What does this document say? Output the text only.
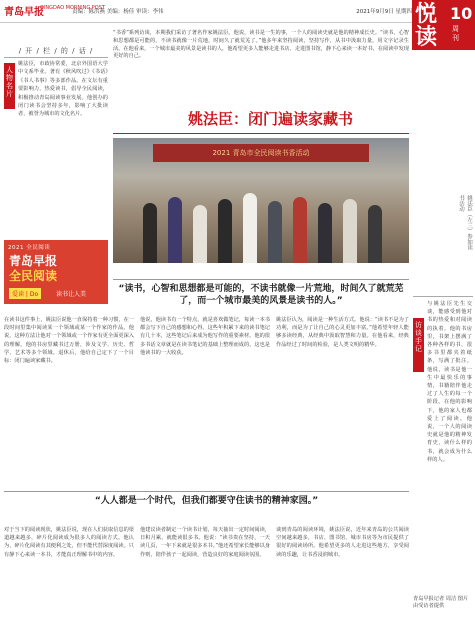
青岛早报
QINGDAO MORNING POST
责编：陈洪燕 美编：杨佳 审读：李伟	2021年9月9日 星期四 悦
读
10
周刊
/ 开 / 栏 / 的 / 话 /
人物名片
姚法臣，市政协常委，北京外国语大学中文系毕业。著有《秋风吹过》《书话》《书人书事》等多部作品。在文坛有重要影响力，热爱读书，倡导全民阅读，积极推动青岛阅读事业发展。他创办的闭门读书会坚持多年，影响了大批读者，被誉为城市的文化名片。
2021 全民阅读
青岛早报
全民阅读
爱读 | Do	读书让人美
“书香”系列访谈，本期我们采访了著名作家姚法臣。他说，读书是一生的事，一个人的阅读史就是他的精神成长史。“读书，心智和思想都是可能的，不读书就像一片荒地，时间久了就荒芜了。”他多年来坚持阅读，坚持写作，从书中汲取力量，用文字记录生活。在他看来，一个城市最美的风景是读书的人，他希望更多人能够走进书店、走进图书馆，静下心来读一本好书，在阅读中发现更好的自己。
姚法臣：闭门遍读家藏书
2021 青岛市全民阅读书香活动
姚法臣（左三）参加读书活动
“读书，心智和思想都是可能的，不读书就像一片荒地，时间久了就荒芜了，而一个城市最美的风景是读书的人。”
在读书这件事上，姚法臣说他一直保持着一种习惯，在一段时间里集中阅读某一个领域或某一个作家的作品。他说，这种方法让他对一个领域或一个作家有更全面更深入的理解。他的书房里藏书过万册，涉及文学、历史、哲学、艺术等多个领域。退休后，他给自己定下了一个目标：闭门遍读家藏书。
他说，他读书有一个特点，就是喜欢做笔记，每读一本书都会写下自己的感想和心得。这些年积累下来的读书笔记有几十本，这些笔记后来成为他写作的重要素材。他的很多书话文章就是在读书笔记的基础上整理而成的，这也是他读书的一大收获。
姚法臣认为，阅读是一种生活方式。他说：“读书不是为了功利，而是为了让自己的心灵更加丰富。”他希望年轻人能够多读经典，从经典中汲取智慧和力量。在他看来，经典作品经过了时间的检验，是人类文明的精华。
“人人都是一个时代，但我们都要守住读书的精神家园。”
对于当下的阅读现状，姚法臣说，现在人们获取信息的渠道越来越多，碎片化阅读成为很多人的阅读方式。他认为，碎片化阅读有其便利之处，但不能代替深度阅读。只有静下心来读一本书，才能真正理解书中的内容。
他建议读者制定一个读书计划，每天抽出一定时间阅读，日积月累，就能读很多书。他说：“读书贵在坚持，一天读几页，一年下来就是很多本书。”他还希望家长能够以身作则，陪伴孩子一起阅读，营造良好的家庭阅读氛围。
谈到青岛的阅读环境，姚法臣说，近年来青岛的公共阅读空间越来越多，书店、图书馆、城市书房等为市民提供了很好的阅读场所。他希望更多的人走进这些地方，享受阅读的乐趣，让书香浸润城市。
访谈手记
与姚法臣先生交谈，能感受到他对书的热爱和对阅读的执着。他的书房里，书架上摆满了各种各样的书，很多书里都夹着纸条，写满了批注。他说，读书是他一生中最快乐的事情，书籍陪伴他走过了人生的每一个阶段。在他的影响下，他的家人也都爱上了阅读。他说，一个人的阅读史就是他的精神发育史，读什么样的书，就会成为什么样的人。
青岛早报记者 周洁 图片由受访者提供
